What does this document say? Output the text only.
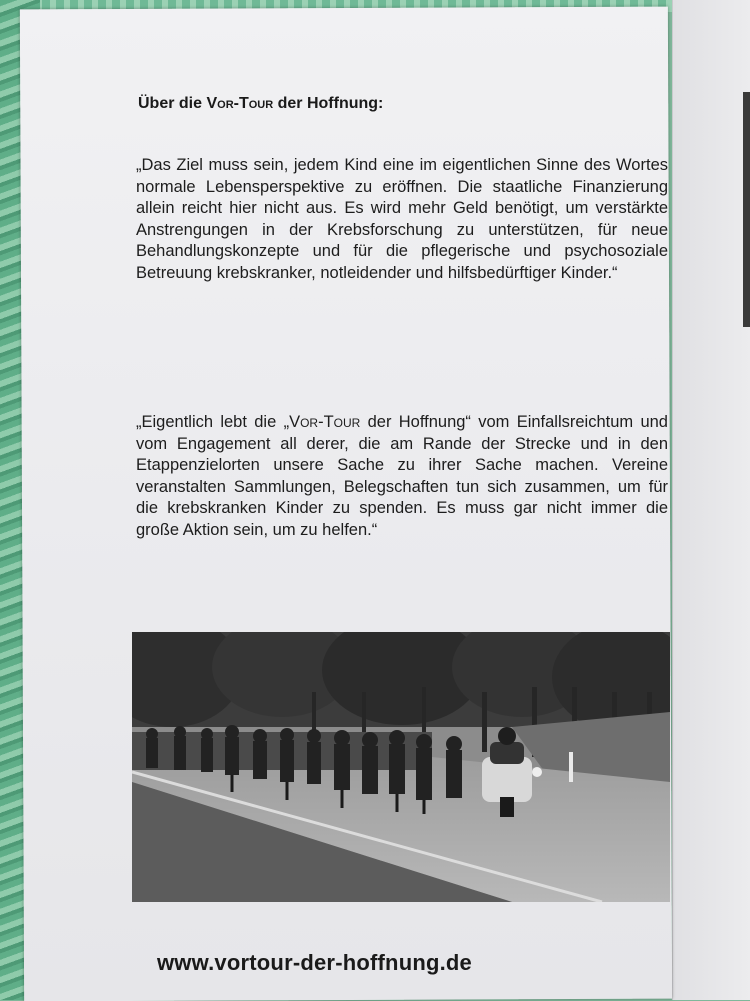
Über die Vor-Tour der Hoffnung:

„Das Ziel muss sein, jedem Kind eine im eigentlichen Sinne des Wortes normale Lebensperspektive zu eröffnen. Die staatliche Finanzierung allein reicht hier nicht aus. Es wird mehr Geld benötigt, um verstärkte Anstrengungen in der Krebsforschung zu unterstützen, für neue Behandlungskonzepte und für die pflegerische und psychosoziale Betreuung krebskranker, notleidender und hilfsbedürftiger Kinder.“

„Eigentlich lebt die „Vor-Tour der Hoffnung“ vom Einfallsreichtum und vom Engagement all derer, die am Rande der Strecke und in den Etappenzielorten unsere Sache zu ihrer Sache machen. Vereine veranstalten Sammlungen, Belegschaften tun sich zusammen, um für die krebskranken Kinder zu spenden. Es muss gar nicht immer die große Aktion sein, um zu helfen.“

www.vortour-der-hoffnung.de
